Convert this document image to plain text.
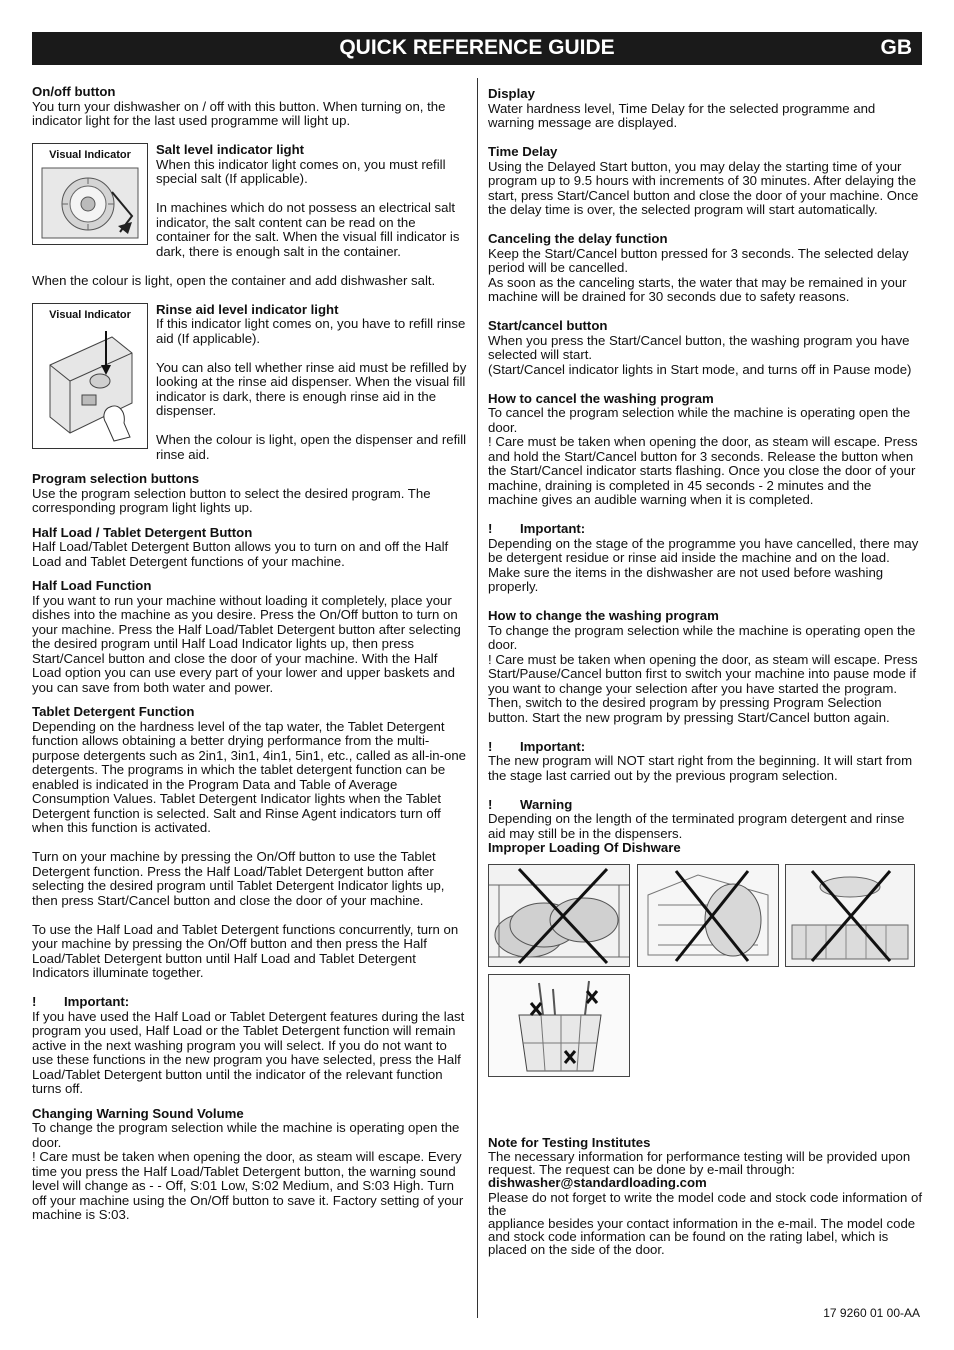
QUICK REFERENCE GUIDE	GB

On/off button

You turn your dishwasher on / off with this button. When turning on, the indicator light for the last used programme will light up.

Visual Indicator	Salt level indicator light

When this indicator light comes on, you must refill special salt (If applicable).

In machines which do not possess an electrical salt indicator, the salt content can be read on the container for the salt. When the visual fill indicator is dark, there is enough salt in the container.

When the colour is light, open the container and add dishwasher salt.

Visual Indicator	Rinse aid level indicator light

If this indicator light comes on, you have to refill rinse aid (If applicable).

You can also tell whether rinse aid must be refilled by looking at the rinse aid dispenser. When the visual fill indicator is dark, there is enough rinse aid in the dispenser.

When the colour is light, open the dispenser and refill rinse aid.

Program selection buttons

Use the program selection button to select the desired program. The corresponding program light lights up.

Half Load / Tablet Detergent Button

Half Load/Tablet Detergent Button allows you to turn on and off the Half Load and Tablet Detergent functions of your machine.

Half Load Function

If you want to run your machine without loading it completely, place your dishes into the machine as you desire. Press the On/Off button to turn on your machine. Press the Half Load/Tablet Detergent button after selecting the desired program until Half Load Indicator lights up, then press Start/Cancel button and close the door of your machine. With the Half Load option you can use every part of your lower and upper baskets and you can save from both water and power.

Tablet Detergent Function

Depending on the hardness level of the tap water, the Tablet Detergent function allows obtaining a better drying performance from the multi-purpose detergents such as 2in1, 3in1, 4in1, 5in1, etc., called as all-in-one detergents. The programs in which the tablet detergent function can be enabled is indicated in the Program Data and Table of Average Consumption Values. Tablet Detergent Indicator lights when the Tablet Detergent function is selected. Salt and Rinse Agent indicators turn off when this function is activated.

Turn on your machine by pressing the On/Off button to use the Tablet Detergent function. Press the Half Load/Tablet Detergent button after selecting the desired program until Tablet Detergent Indicator lights up, then press Start/Cancel button and close the door of your machine.

To use the Half Load and Tablet Detergent functions concurrently, turn on your machine by pressing the On/Off button and then press the Half Load/Tablet Detergent button until Half Load and Tablet Detergent Indicators illuminate together.

! Important:

If you have used the Half Load or Tablet Detergent features during the last program you used, Half Load or the Tablet Detergent function will remain active in the next washing program you will select. If you do not want to use these functions in the new program you have selected, press the Half Load/Tablet Detergent button until the indicator of the relevant function turns off.

Changing Warning Sound Volume

To change the program selection while the machine is operating open the door.
! Care must be taken when opening the door, as steam will escape. Every time you press the Half Load/Tablet Detergent button, the warning sound level will change as - - Off, S:01 Low, S:02 Medium, and S:03 High. Turn off your machine using the On/Off button to save it. Factory setting of your machine is S:03.

Display

Water hardness level, Time Delay for the selected programme and warning message are displayed.

Time Delay

Using the Delayed Start button, you may delay the starting time of your program up to 9.5 hours with increments of 30 minutes. After delaying the start, press Start/Cancel button and close the door of your machine. Once the delay time is over, the selected program will start automatically.

Canceling the delay function

Keep the Start/Cancel button pressed for 3 seconds. The selected delay period will be cancelled.
As soon as the canceling starts, the water that may be remained in your machine will be drained for 30 seconds due to safety reasons.

Start/cancel button

When you press the Start/Cancel button, the washing program you have selected will start.
(Start/Cancel indicator lights in Start mode, and turns off in Pause mode)

How to cancel the washing program

To cancel the program selection while the machine is operating open the door.
! Care must be taken when opening the door, as steam will escape. Press and hold the Start/Cancel button for 3 seconds. Release the button when the Start/Cancel indicator starts flashing. Once you close the door of your machine, draining is completed in 45 seconds - 2 minutes and the machine gives an audible warning when it is completed.

! Important:

Depending on the stage of the programme you have cancelled, there may be detergent residue or rinse aid inside the machine and on the load. Make sure the items in the dishwasher are not used before washing properly.

How to change the washing program

To change the program selection while the machine is operating open the door.
! Care must be taken when opening the door, as steam will escape. Press Start/Pause/Cancel button first to switch your machine into pause mode if you want to change your selection after you have started the program. Then, switch to the desired program by pressing Program Selection button. Start the new program by pressing Start/Cancel button again.

! Important:

The new program will NOT start right from the beginning. It will start from the stage last carried out by the previous program selection.

! Warning

Depending on the length of the terminated program detergent and rinse aid may still be in the dispensers.

Improper Loading Of Dishware

Note for Testing Institutes

The necessary information for performance testing will be provided upon request. The request can be done by e-mail through:

dishwasher@standardloading.com

Please do not forget to write the model code and stock code information of the
appliance besides your contact information in the e-mail. The model code and stock code information can be found on the rating label, which is placed on the side of the door.

17 9260 01 00-AA
